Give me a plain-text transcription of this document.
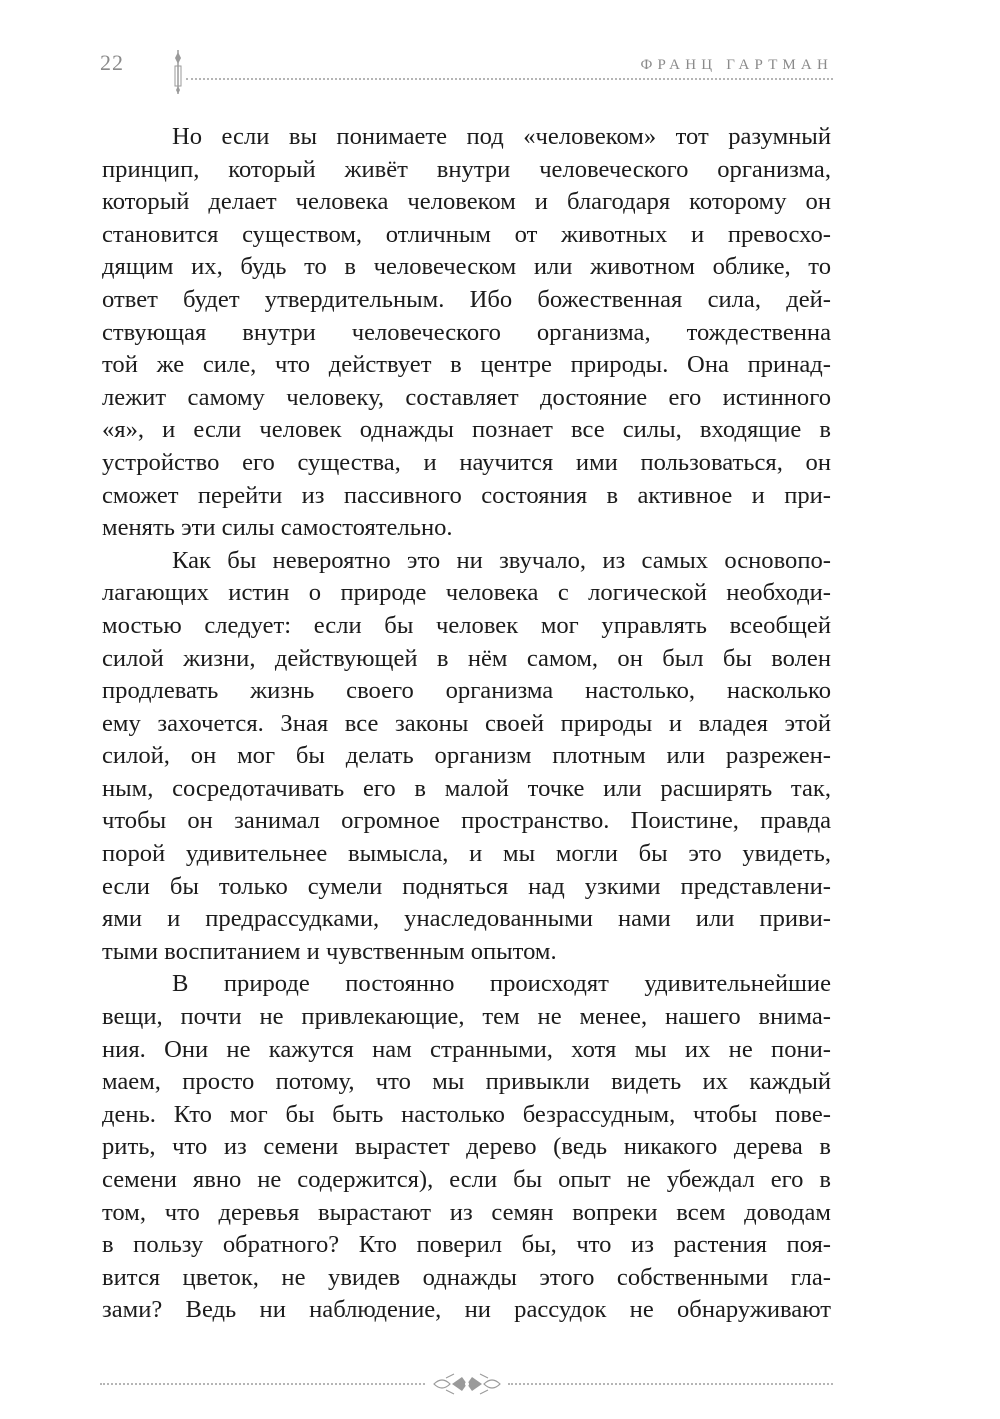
22	ФРАНЦ ГАРТМАН

Но если вы понимаете под «человеком» тот разумный
принцип, который живёт внутри человеческого организма,
который делает человека человеком и благодаря которому он
становится существом, отличным от животных и превосхо-
дящим их, будь то в человеческом или животном облике, то
ответ будет утвердительным. Ибо божественная сила, дей-
ствующая внутри человеческого организма, тождественна
той же силе, что действует в центре природы. Она принад-
лежит самому человеку, составляет достояние его истинного
«я», и если человек однажды познает все силы, входящие в
устройство его существа, и научится ими пользоваться, он
сможет перейти из пассивного состояния в активное и при-
менять эти силы самостоятельно.

Как бы невероятно это ни звучало, из самых основопо-
лагающих истин о природе человека с логической необходи-
мостью следует: если бы человек мог управлять всеобщей
силой жизни, действующей в нём самом, он был бы волен
продлевать жизнь своего организма настолько, насколько
ему захочется. Зная все законы своей природы и владея этой
силой, он мог бы делать организм плотным или разрежен-
ным, сосредотачивать его в малой точке или расширять так,
чтобы он занимал огромное пространство. Поистине, правда
порой удивительнее вымысла, и мы могли бы это увидеть,
если бы только сумели подняться над узкими представлени-
ями и предрассудками, унаследованными нами или приви-
тыми воспитанием и чувственным опытом.

В природе постоянно происходят удивительнейшие
вещи, почти не привлекающие, тем не менее, нашего внима-
ния. Они не кажутся нам странными, хотя мы их не пони-
маем, просто потому, что мы привыкли видеть их каждый
день. Кто мог бы быть настолько безрассудным, чтобы пове-
рить, что из семени вырастет дерево (ведь никакого дерева в
семени явно не содержится), если бы опыт не убеждал его в
том, что деревья вырастают из семян вопреки всем доводам
в пользу обратного? Кто поверил бы, что из растения поя-
вится цветок, не увидев однажды этого собственными гла-
зами? Ведь ни наблюдение, ни рассудок не обнаруживают
